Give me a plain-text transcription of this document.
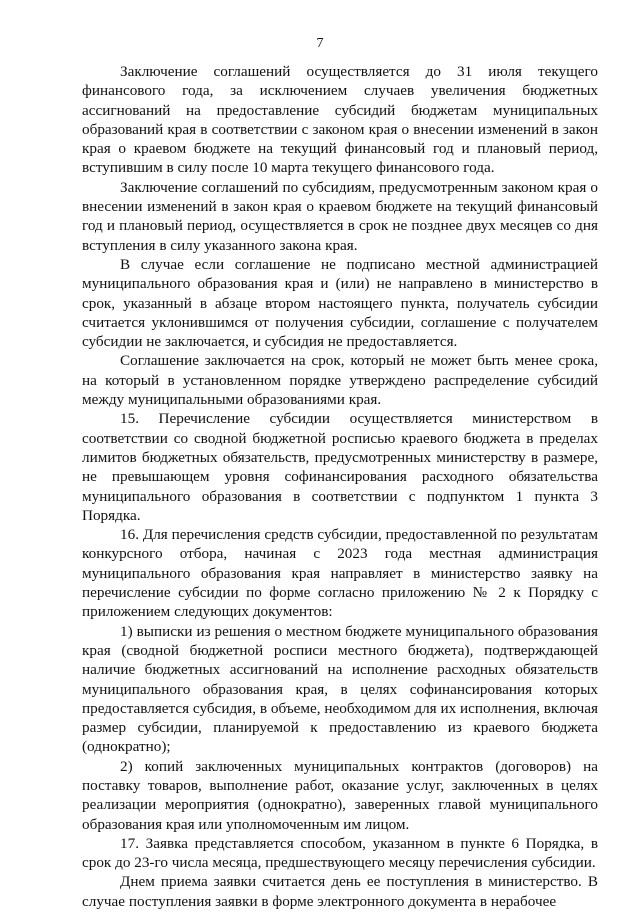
7

Заключение соглашений осуществляется до 31 июля текущего финансового года, за исключением случаев увеличения бюджетных ассигнований на предоставление субсидий бюджетам муниципальных образований края в соответствии с законом края о внесении изменений в закон края о краевом бюджете на текущий финансовый год и плановый период, вступившим в силу после 10 марта текущего финансового года.

Заключение соглашений по субсидиям, предусмотренным законом края о внесении изменений в закон края о краевом бюджете на текущий финансовый год и плановый период, осуществляется в срок не позднее двух месяцев со дня вступления в силу указанного закона края.

В случае если соглашение не подписано местной администрацией муниципального образования края и (или) не направлено в министерство в срок, указанный в абзаце втором настоящего пункта, получатель субсидии считается уклонившимся от получения субсидии, соглашение с получателем субсидии не заключается, и субсидия не предоставляется.

Соглашение заключается на срок, который не может быть менее срока, на который в установленном порядке утверждено распределение субсидий между муниципальными образованиями края.

15. Перечисление субсидии осуществляется министерством в соответствии со сводной бюджетной росписью краевого бюджета в пределах лимитов бюджетных обязательств, предусмотренных министерству в размере, не превышающем уровня софинансирования расходного обязательства муниципального образования в соответствии с подпунктом 1 пункта 3 Порядка.

16. Для перечисления средств субсидии, предоставленной по результатам конкурсного отбора, начиная с 2023 года местная администрация муниципального образования края направляет в министерство заявку на перечисление субсидии по форме согласно приложению № 2 к Порядку с приложением следующих документов:

1) выписки из решения о местном бюджете муниципального образования края (сводной бюджетной росписи местного бюджета), подтверждающей наличие бюджетных ассигнований на исполнение расходных обязательств муниципального образования края, в целях софинансирования которых предоставляется субсидия, в объеме, необходимом для их исполнения, включая размер субсидии, планируемой к предоставлению из краевого бюджета (однократно);

2) копий заключенных муниципальных контрактов (договоров) на поставку товаров, выполнение работ, оказание услуг, заключенных в целях реализации мероприятия (однократно), заверенных главой муниципального образования края или уполномоченным им лицом.

17. Заявка представляется способом, указанном в пункте 6 Порядка, в срок до 23-го числа месяца, предшествующего месяцу перечисления субсидии.

Днем приема заявки считается день ее поступления в министерство. В случае поступления заявки в форме электронного документа в нерабочее
